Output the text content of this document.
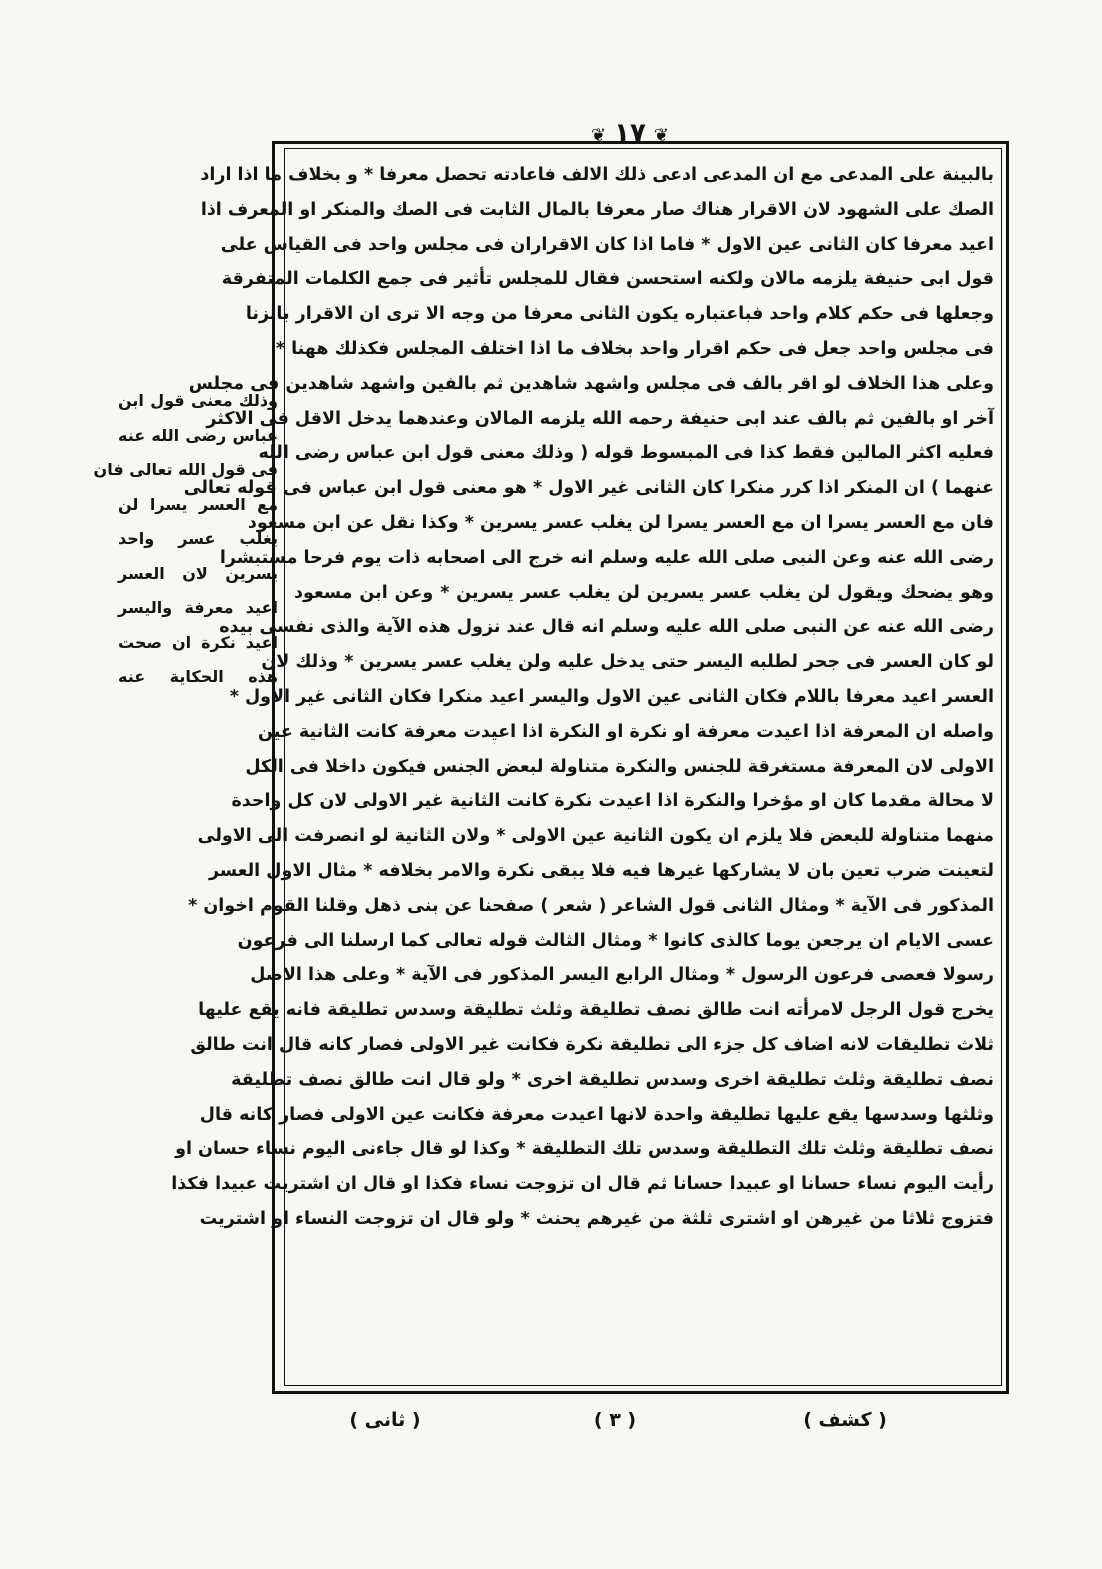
❦١٧❦
بالبينة على المدعى مع ان المدعى ادعى ذلك الالف فاعادته تحصل معرفا * و بخلاف ما اذا اراد
الصك على الشهود لان الاقرار هناك صار معرفا بالمال الثابت فى الصك والمنكر او المعرف اذا
اعيد معرفا كان الثانى عين الاول * فاما اذا كان الاقراران فى مجلس واحد فى القياس على
قول ابى حنيفة يلزمه مالان ولكنه استحسن فقال للمجلس تأثير فى جمع الكلمات المتفرقة
وجعلها فى حكم كلام واحد فباعتباره يكون الثانى معرفا من وجه الا ترى ان الاقرار بالزنا
فى مجلس واحد جعل فى حكم اقرار واحد بخلاف ما اذا اختلف المجلس فكذلك ههنا *
وعلى هذا الخلاف لو اقر بالف فى مجلس واشهد شاهدين ثم بالفين واشهد شاهدين فى مجلس
آخر او بالفين ثم بالف عند ابى حنيفة رحمه الله يلزمه المالان وعندهما يدخل الاقل فى الاكثر
فعليه اكثر المالين فقط كذا فى المبسوط قوله ( وذلك معنى قول ابن عباس رضى الله
عنهما ) ان المنكر اذا كرر منكرا كان الثانى غير الاول * هو معنى قول ابن عباس فى قوله تعالى
فان مع العسر يسرا ان مع العسر يسرا لن يغلب عسر يسرين * وكذا نقل عن ابن مسعود
رضى الله عنه وعن النبى صلى الله عليه وسلم انه خرج الى اصحابه ذات يوم فرحا مستبشرا
وهو يضحك ويقول لن يغلب عسر يسرين لن يغلب عسر يسرين * وعن ابن مسعود
رضى الله عنه عن النبى صلى الله عليه وسلم انه قال عند نزول هذه الآية والذى نفسى بيده
لو كان العسر فى جحر لطلبه اليسر حتى يدخل عليه ولن يغلب عسر يسرين * وذلك لان
العسر اعيد معرفا باللام فكان الثانى عين الاول واليسر اعيد منكرا فكان الثانى غير الاول *
واصله ان المعرفة اذا اعيدت معرفة او نكرة او النكرة اذا اعيدت معرفة كانت الثانية عين
الاولى لان المعرفة مستغرقة للجنس والنكرة متناولة لبعض الجنس فيكون داخلا فى الكل
لا محالة مقدما كان او مؤخرا والنكرة اذا اعيدت نكرة كانت الثانية غير الاولى لان كل واحدة
منهما متناولة للبعض فلا يلزم ان يكون الثانية عين الاولى * ولان الثانية لو انصرفت الى الاولى
لتعينت ضرب تعين بان لا يشاركها غيرها فيه فلا يبقى نكرة والامر بخلافه * مثال الاول العسر
المذكور فى الآية * ومثال الثانى قول الشاعر ( شعر ) صفحنا عن بنى ذهل وقلنا القوم اخوان *
عسى الايام ان يرجعن يوما كالذى كانوا * ومثال الثالث قوله تعالى كما ارسلنا الى فرعون
رسولا فعصى فرعون الرسول * ومثال الرابع اليسر المذكور فى الآية * وعلى هذا الاصل
يخرج قول الرجل لامرأته انت طالق نصف تطليقة وثلث تطليقة وسدس تطليقة فانه يقع عليها
ثلاث تطليقات لانه اضاف كل جزء الى تطليقة نكرة فكانت غير الاولى فصار كانه قال انت طالق
نصف تطليقة وثلث تطليقة اخرى وسدس تطليقة اخرى * ولو قال انت طالق نصف تطليقة
وثلثها وسدسها يقع عليها تطليقة واحدة لانها اعيدت معرفة فكانت عين الاولى فصار كانه قال
نصف تطليقة وثلث تلك التطليقة وسدس تلك التطليقة * وكذا لو قال جاءنى اليوم نساء حسان او
رأيت اليوم نساء حسانا او عبيدا حسانا ثم قال ان تزوجت نساء فكذا او قال ان اشتريت عبيدا فكذا
فتزوج ثلاثا من غيرهن او اشترى ثلثة من غيرهم يحنث * ولو قال ان تزوجت النساء او اشتريت
وذلك معنى قول ابن
عباس رضى الله عنه
فى قول الله تعالى فان
مع العسر يسرا لن
يغلب عسر واحد
يسرين لان العسر
اعيد معرفة واليسر
اعيد نكرة ان صحت
هذه الحكاية عنه
( كشف )
( ٣ )
( ثانى )
